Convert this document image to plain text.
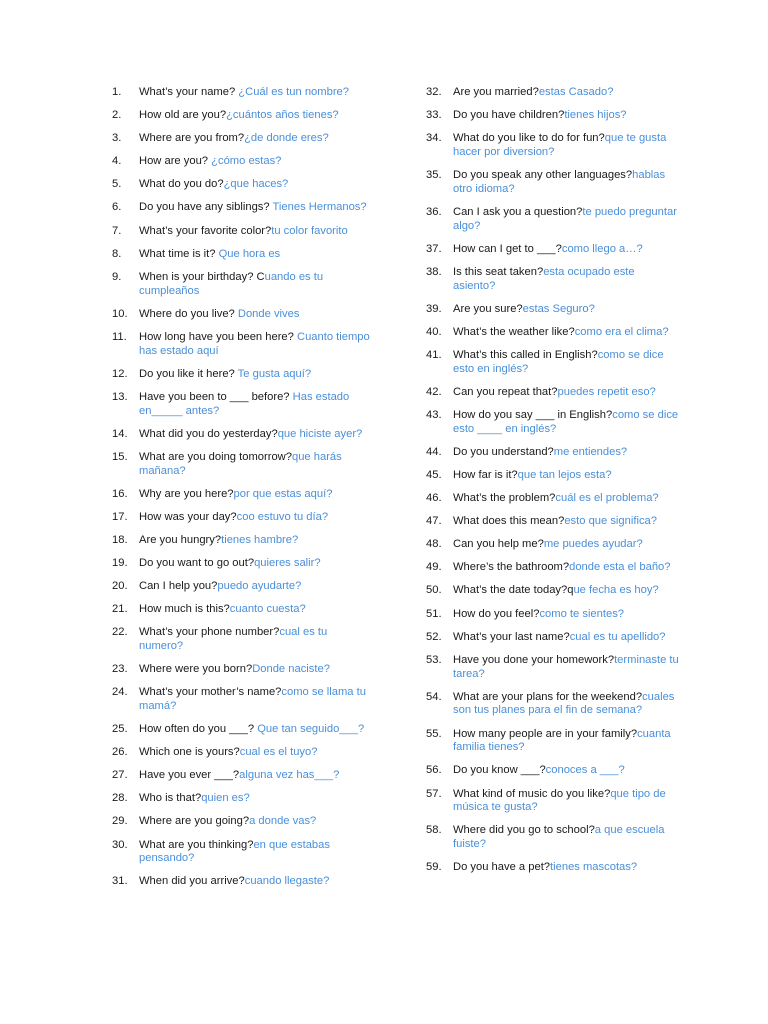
1.	What’s your name? ¿Cuál es tun nombre?
2.	How old are you?¿cuántos años tienes?
3.	Where are you from?¿de donde eres?
4.	How are you? ¿cómo estas?
5.	What do you do?¿que haces?
6.	Do you have any siblings? Tienes Hermanos?
7.	What’s your favorite color?tu color favorito
8.	What time is it? Que hora es
9.	When is your birthday? Cuando es tu cumpleaños
10.	Where do you live? Donde vives
11.	How long have you been here? Cuanto tiempo has estado aquí
12.	Do you like it here? Te gusta aquí?
13.	Have you been to ___ before? Has estado en_____ antes?
14.	What did you do yesterday?que hiciste ayer?
15.	What are you doing tomorrow?que harás mañana?
16.	Why are you here?por que estas aquí?
17.	How was your day?coo estuvo tu día?
18.	Are you hungry?tienes hambre?
19.	Do you want to go out?quieres salir?
20.	Can I help you?puedo ayudarte?
21.	How much is this?cuanto cuesta?
22.	What’s your phone number?cual es tu numero?
23.	Where were you born?Donde naciste?
24.	What’s your mother’s name?como se llama tu mamá?
25.	How often do you ___? Que tan seguido___?
26.	Which one is yours?cual es el tuyo?
27.	Have you ever ___?alguna vez has___?
28.	Who is that?quien es?
29.	Where are you going?a donde vas?
30.	What are you thinking?en que estabas pensando?
31.	When did you arrive?cuando llegaste?
32.	Are you married?estas Casado?
33.	Do you have children?tienes hijos?
34.	What do you like to do for fun?que te gusta hacer por diversion?
35.	Do you speak any other languages?hablas otro idioma?
36.	Can I ask you a question?te puedo preguntar algo?
37.	How can I get to ___?como llego a…?
38.	Is this seat taken?esta ocupado este asiento?
39.	Are you sure?estas Seguro?
40.	What’s the weather like?como era el clima?
41.	What’s this called in English?como se dice esto en inglés?
42.	Can you repeat that?puedes repetit eso?
43.	How do you say ___ in English?como se dice esto ____ en inglés?
44.	Do you understand?me entiendes?
45.	How far is it?que tan lejos esta?
46.	What’s the problem?cuál es el problema?
47.	What does this mean?esto que significa?
48.	Can you help me?me puedes ayudar?
49.	Where’s the bathroom?donde esta el baño?
50.	What’s the date today?que fecha es hoy?
51.	How do you feel?como te sientes?
52.	What’s your last name?cual es tu apellido?
53.	Have you done your homework?terminaste tu tarea?
54.	What are your plans for the weekend?cuales son tus planes para el fin de semana?
55.	How many people are in your family?cuanta familia tienes?
56.	Do you know ___?conoces a ___?
57.	What kind of music do you like?que tipo de música te gusta?
58.	Where did you go to school?a que escuela fuiste?
59.	Do you have a pet?tienes mascotas?
